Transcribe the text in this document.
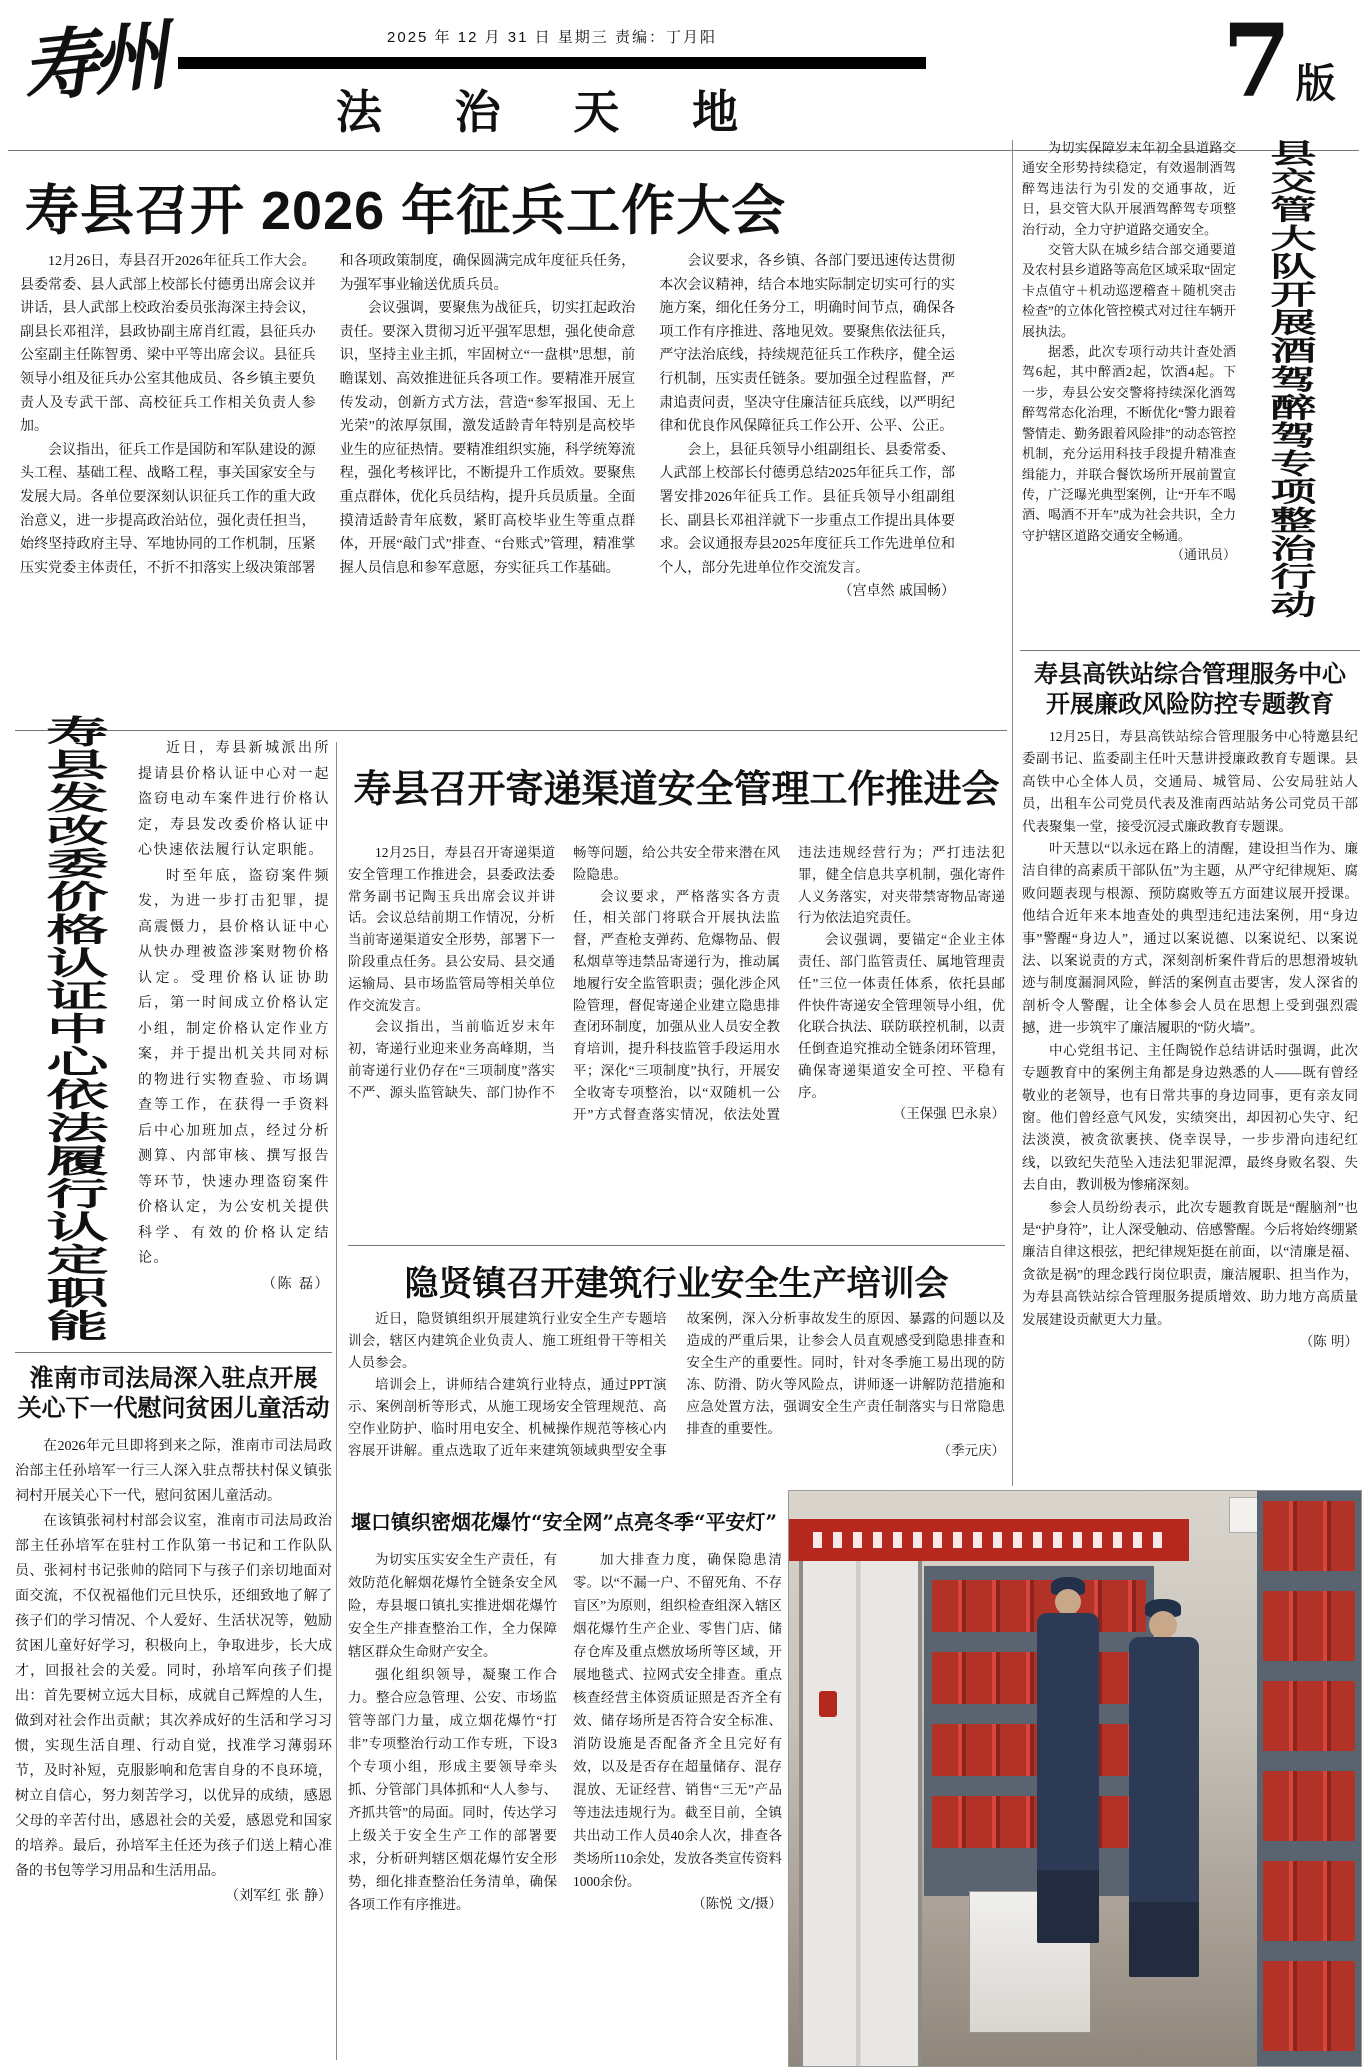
寿州	2025 年 12 月 31 日 星期三 责编：丁月阳
法 治 天 地	7 版
寿县召开 2026 年征兵工作大会

12月26日，寿县召开2026年征兵工作大会。县委常委、县人武部上校部长付德勇出席会议并讲话，县人武部上校政治委员张海深主持会议，副县长邓祖洋，县政协副主席肖红霞，县征兵办公室副主任陈智勇、梁中平等出席会议。县征兵领导小组及征兵办公室其他成员、各乡镇主要负责人及专武干部、高校征兵工作相关负责人参加。

会议指出，征兵工作是国防和军队建设的源头工程、基础工程、战略工程，事关国家安全与发展大局。各单位要深刻认识征兵工作的重大政治意义，进一步提高政治站位，强化责任担当，始终坚持政府主导、军地协同的工作机制，压紧压实党委主体责任，不折不扣落实上级决策部署和各项政策制度，确保圆满完成年度征兵任务，为强军事业输送优质兵员。

会议强调，要聚焦为战征兵，切实扛起政治责任。要深入贯彻习近平强军思想，强化使命意识，坚持主业主抓，牢固树立“一盘棋”思想，前瞻谋划、高效推进征兵各项工作。要精准开展宣传发动，创新方式方法，营造“参军报国、无上光荣”的浓厚氛围，激发适龄青年特别是高校毕业生的应征热情。要精准组织实施，科学统筹流程，强化考核评比，不断提升工作质效。要聚焦重点群体，优化兵员结构，提升兵员质量。全面摸清适龄青年底数，紧盯高校毕业生等重点群体，开展“敲门式”排查、“台账式”管理，精准掌握人员信息和参军意愿，夯实征兵工作基础。

会议要求，各乡镇、各部门要迅速传达贯彻本次会议精神，结合本地实际制定切实可行的实施方案，细化任务分工，明确时间节点，确保各项工作有序推进、落地见效。要聚焦依法征兵，严守法治底线，持续规范征兵工作秩序，健全运行机制，压实责任链条。要加强全过程监督，严肃追责问责，坚决守住廉洁征兵底线，以严明纪律和优良作风保障征兵工作公开、公平、公正。

会上，县征兵领导小组副组长、县委常委、人武部上校部长付德勇总结2025年征兵工作，部署安排2026年征兵工作。县征兵领导小组副组长、副县长邓祖洋就下一步重点工作提出具体要求。会议通报寿县2025年度征兵工作先进单位和个人，部分先进单位作交流发言。

（宫卓然 戚国畅）

为切实保障岁末年初全县道路交通安全形势持续稳定，有效遏制酒驾醉驾违法行为引发的交通事故，近日，县交管大队开展酒驾醉驾专项整治行动，全力守护道路交通安全。

交管大队在城乡结合部交通要道及农村县乡道路等高危区域采取“固定卡点值守＋机动巡逻稽查＋随机突击检查”的立体化管控模式对过往车辆开展执法。

据悉，此次专项行动共计查处酒驾6起，其中醉酒2起，饮酒4起。下一步，寿县公安交警将持续深化酒驾醉驾常态化治理，不断优化“警力跟着警情走、勤务跟着风险排”的动态管控机制，充分运用科技手段提升精准查缉能力，并联合餐饮场所开展前置宣传，广泛曝光典型案例，让“开车不喝酒、喝酒不开车”成为社会共识，全力守护辖区道路交通安全畅通。

（通讯员）
县
交
管
大
队
开
展
酒
驾
醉
驾
专
项
整
治
行
动
寿县高铁站综合管理服务中心
开展廉政风险防控专题教育

12月25日，寿县高铁站综合管理服务中心特邀县纪委副书记、监委副主任叶天慧讲授廉政教育专题课。县高铁中心全体人员，交通局、城管局、公安局驻站人员，出租车公司党员代表及淮南西站站务公司党员干部代表聚集一堂，接受沉浸式廉政教育专题课。

叶天慧以“以永远在路上的清醒，建设担当作为、廉洁自律的高素质干部队伍”为主题，从严守纪律规矩、腐败问题表现与根源、预防腐败等五方面建议展开授课。他结合近年来本地查处的典型违纪违法案例，用“身边事”警醒“身边人”，通过以案说德、以案说纪、以案说法、以案说责的方式，深刻剖析案件背后的思想滑坡轨迹与制度漏洞风险，鲜活的案例直击要害，发人深省的剖析令人警醒，让全体参会人员在思想上受到强烈震撼，进一步筑牢了廉洁履职的“防火墙”。

中心党组书记、主任陶锐作总结讲话时强调，此次专题教育中的案例主角都是身边熟悉的人——既有曾经敬业的老领导，也有日常共事的身边同事，更有亲友同窗。他们曾经意气风发，实绩突出，却因初心失守、纪法淡漠，被贪欲裹挟、侥幸误导，一步步滑向违纪红线，以致纪失范坠入违法犯罪泥潭，最终身败名裂、失去自由，教训极为惨痛深刻。

参会人员纷纷表示，此次专题教育既是“醒脑剂”也是“护身符”，让人深受触动、倍感警醒。今后将始终绷紧廉洁自律这根弦，把纪律规矩挺在前面，以“清廉是福、贪欲是祸”的理念践行岗位职责，廉洁履职、担当作为，为寿县高铁站综合管理服务提质增效、助力地方高质量发展建设贡献更大力量。

（陈 明）
寿
县
发
改
委
价
格
认
证
中
心
依
法
履
行
认
定
职
能

近日，寿县新城派出所提请县价格认证中心对一起盗窃电动车案件进行价格认定，寿县发改委价格认证中心快速依法履行认定职能。

时至年底，盗窃案件频发，为进一步打击犯罪，提高震慑力，县价格认证中心从快办理被盗涉案财物价格认定。受理价格认证协助后，第一时间成立价格认定小组，制定价格认定作业方案，并于提出机关共同对标的物进行实物查验、市场调查等工作，在获得一手资料后中心加班加点，经过分析测算、内部审核、撰写报告等环节，快速办理盗窃案件价格认定，为公安机关提供科学、有效的价格认定结论。

（陈 磊）
淮南市司法局深入驻点开展
关心下一代慰问贫困儿童活动

在2026年元旦即将到来之际，淮南市司法局政治部主任孙培军一行三人深入驻点帮扶村保义镇张祠村开展关心下一代，慰问贫困儿童活动。

在该镇张祠村村部会议室，淮南市司法局政治部主任孙培军在驻村工作队第一书记和工作队队员、张祠村书记张帅的陪同下与孩子们亲切地面对面交流，不仅祝福他们元旦快乐，还细致地了解了孩子们的学习情况、个人爱好、生活状况等，勉励贫困儿童好好学习，积极向上，争取进步，长大成才，回报社会的关爱。同时，孙培军向孩子们提出：首先要树立远大目标，成就自己辉煌的人生，做到对社会作出贡献；其次养成好的生活和学习习惯，实现生活自理、行动自觉，找准学习薄弱环节，及时补短，克服影响和危害自身的不良环境，树立自信心，努力刻苦学习，以优异的成绩，感恩父母的辛苦付出，感恩社会的关爱，感恩党和国家的培养。最后，孙培军主任还为孩子们送上精心准备的书包等学习用品和生活用品。

（刘军红 张 静）
寿县召开寄递渠道安全管理工作推进会

12月25日，寿县召开寄递渠道安全管理工作推进会，县委政法委常务副书记陶玉兵出席会议并讲话。会议总结前期工作情况，分析当前寄递渠道安全形势，部署下一阶段重点任务。县公安局、县交通运输局、县市场监管局等相关单位作交流发言。

会议指出，当前临近岁末年初，寄递行业迎来业务高峰期，当前寄递行业仍存在“三项制度”落实不严、源头监管缺失、部门协作不畅等问题，给公共安全带来潜在风险隐患。

会议要求，严格落实各方责任，相关部门将联合开展执法监督，严查枪支弹药、危爆物品、假私烟草等违禁品寄递行为，推动属地履行安全监管职责；强化涉企风险管理，督促寄递企业建立隐患排查闭环制度，加强从业人员安全教育培训，提升科技监管手段运用水平；深化“三项制度”执行，开展安全收寄专项整治，以“双随机一公开”方式督查落实情况，依法处置违法违规经营行为；严打违法犯罪，健全信息共享机制，强化寄件人义务落实，对夹带禁寄物品寄递行为依法追究责任。

会议强调，要锚定“企业主体责任、部门监管责任、属地管理责任”三位一体责任体系，依托县邮件快件寄递安全管理领导小组，优化联合执法、联防联控机制，以责任倒查追究推动全链条闭环管理，确保寄递渠道安全可控、平稳有序。

（王保强 巴永泉）
隐贤镇召开建筑行业安全生产培训会

近日，隐贤镇组织开展建筑行业安全生产专题培训会，辖区内建筑企业负责人、施工班组骨干等相关人员参会。

培训会上，讲师结合建筑行业特点，通过PPT演示、案例剖析等形式，从施工现场安全管理规范、高空作业防护、临时用电安全、机械操作规范等核心内容展开讲解。重点选取了近年来建筑领域典型安全事故案例，深入分析事故发生的原因、暴露的问题以及造成的严重后果，让参会人员直观感受到隐患排查和安全生产的重要性。同时，针对冬季施工易出现的防冻、防滑、防火等风险点，讲师逐一讲解防范措施和应急处置方法，强调安全生产责任制落实与日常隐患排查的重要性。

（季元庆）
堰口镇织密烟花爆竹“安全网”点亮冬季“平安灯”

为切实压实安全生产责任，有效防范化解烟花爆竹全链条安全风险，寿县堰口镇扎实推进烟花爆竹安全生产排查整治工作，全力保障辖区群众生命财产安全。

强化组织领导，凝聚工作合力。整合应急管理、公安、市场监管等部门力量，成立烟花爆竹“打非”专项整治行动工作专班，下设3个专项小组，形成主要领导牵头抓、分管部门具体抓和“人人参与、齐抓共管”的局面。同时，传达学习上级关于安全生产工作的部署要求，分析研判辖区烟花爆竹安全形势，细化排查整治任务清单，确保各项工作有序推进。

加大排查力度，确保隐患清零。以“不漏一户、不留死角、不存盲区”为原则，组织检查组深入辖区烟花爆竹生产企业、零售门店、储存仓库及重点燃放场所等区域，开展地毯式、拉网式安全排查。重点核查经营主体资质证照是否齐全有效、储存场所是否符合安全标准、消防设施是否配备齐全且完好有效，以及是否存在超量储存、混存混放、无证经营、销售“三无”产品等违法违规行为。截至目前，全镇共出动工作人员40余人次，排查各类场所110余处，发放各类宣传资料1000余份。

（陈悦 文/摄）
